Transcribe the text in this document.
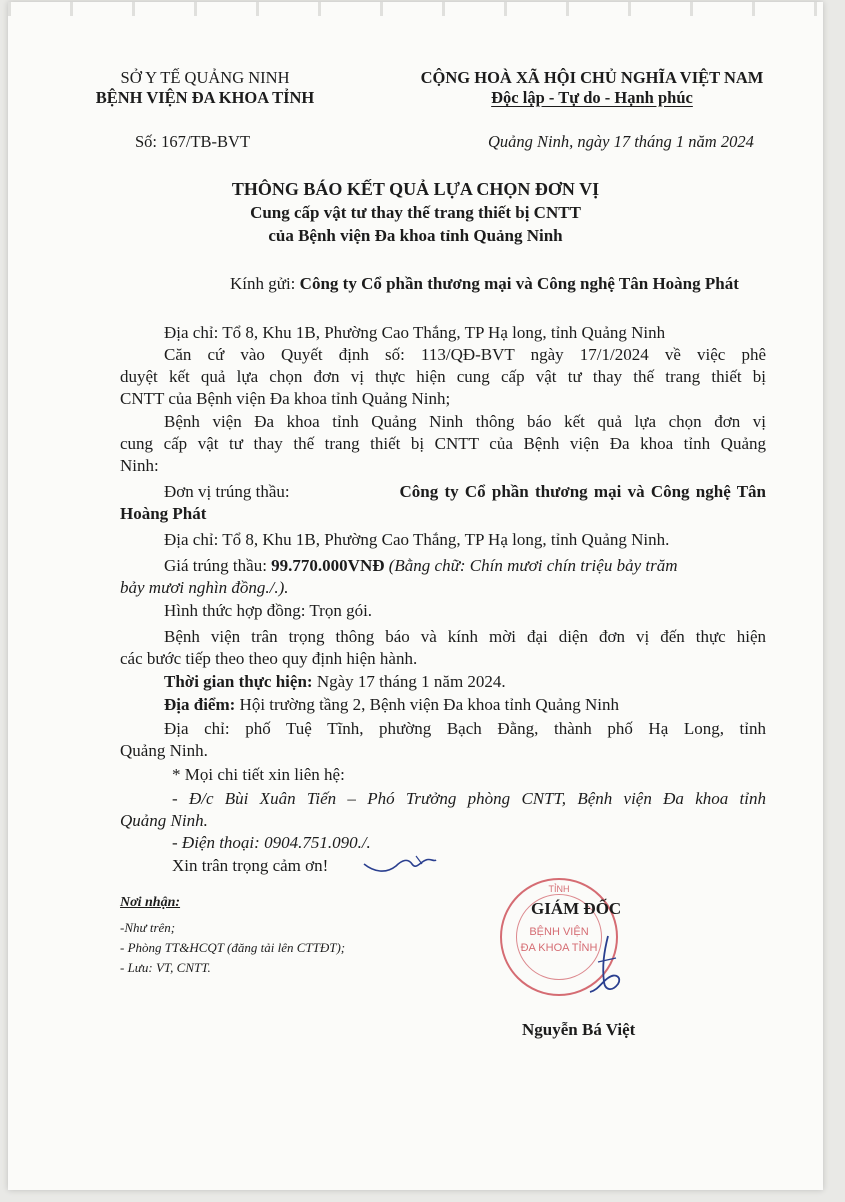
SỞ Y TẾ QUẢNG NINH
BỆNH VIỆN ĐA KHOA TỈNH
Số: 167/TB-BVT
CỘNG HOÀ XÃ HỘI CHỦ NGHĨA VIỆT NAM
Độc lập - Tự do - Hạnh phúc
Quảng Ninh, ngày 17 tháng 1 năm 2024
THÔNG BÁO KẾT QUẢ LỰA CHỌN ĐƠN VỊ
Cung cấp vật tư thay thế trang thiết bị CNTT
của Bệnh viện Đa khoa tỉnh Quảng Ninh
Kính gửi: Công ty Cổ phần thương mại và Công nghệ Tân Hoàng Phát
Địa chỉ: Tổ 8, Khu 1B, Phường Cao Thắng, TP Hạ long, tỉnh Quảng Ninh
Căn cứ vào Quyết định số: 113/QĐ-BVT ngày 17/1/2024 về việc phê
duyệt kết quả lựa chọn đơn vị thực hiện cung cấp vật tư thay thế trang thiết bị
CNTT của Bệnh viện Đa khoa tỉnh Quảng Ninh;
Bệnh viện Đa khoa tỉnh Quảng Ninh thông báo kết quả lựa chọn đơn vị
cung cấp vật tư thay thế trang thiết bị CNTT của Bệnh viện Đa khoa tỉnh Quảng
Ninh:
Đơn vị trúng thầu:	Công ty Cổ phần thương mại và Công nghệ Tân
Hoàng Phát
Địa chỉ: Tổ 8, Khu 1B, Phường Cao Thắng, TP Hạ long, tỉnh Quảng Ninh.
Giá trúng thầu: 99.770.000VNĐ (Bằng chữ: Chín mươi chín triệu bảy trăm
bảy mươi nghìn đồng./.).
Hình thức hợp đồng: Trọn gói.
Bệnh viện trân trọng thông báo và kính mời đại diện đơn vị đến thực hiện
các bước tiếp theo theo quy định hiện hành.
Thời gian thực hiện: Ngày 17 tháng 1 năm 2024.
Địa điểm: Hội trường tầng 2, Bệnh viện Đa khoa tỉnh Quảng Ninh
Địa chỉ: phố Tuệ Tĩnh, phường Bạch Đằng, thành phố Hạ Long, tỉnh
Quảng Ninh.
* Mọi chi tiết xin liên hệ:
- Đ/c Bùi Xuân Tiến – Phó Trưởng phòng CNTT, Bệnh viện Đa khoa tỉnh
Quảng Ninh.
- Điện thoại: 0904.751.090./.
Xin trân trọng cảm ơn!
Nơi nhận:
-Như trên;
- Phòng TT&HCQT (đăng tải lên CTTĐT);
- Lưu: VT, CNTT.
TỈNH
BỆNH VIỆN
ĐA KHOA TỈNH
GIÁM ĐỐC
Nguyễn Bá Việt
